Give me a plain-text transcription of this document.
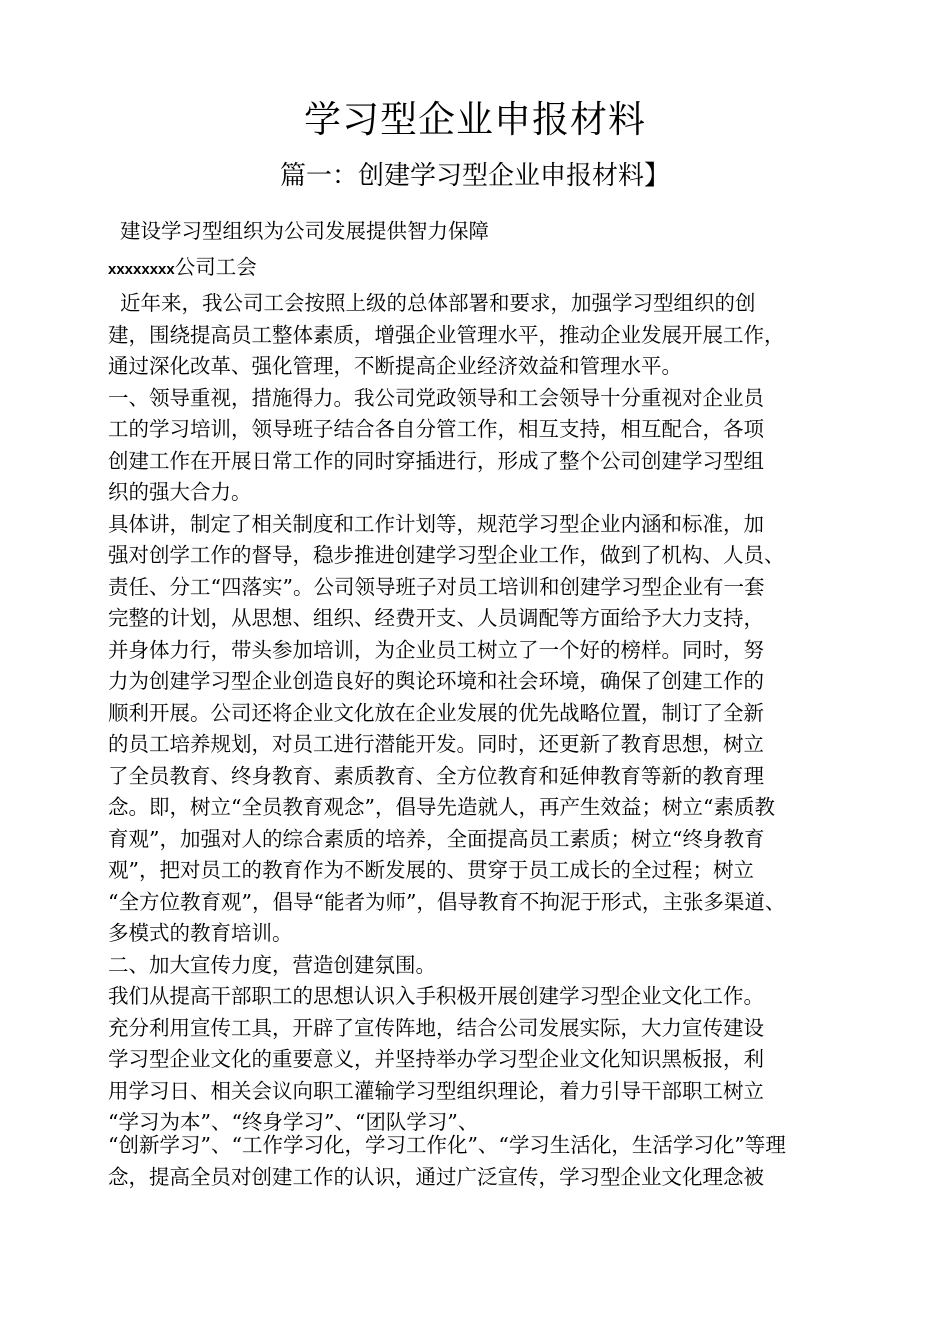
学习型企业申报材料
篇一：创建学习型企业申报材料】

建设学习型组织为公司发展提供智力保障

xxxxxxxx公司工会

近年来，我公司工会按照上级的总体部署和要求，加强学习型组织的创
建，围绕提高员工整体素质，增强企业管理水平，推动企业发展开展工作，
通过深化改革、强化管理，不断提高企业经济效益和管理水平。
一、领导重视，措施得力。我公司党政领导和工会领导十分重视对企业员
工的学习培训，领导班子结合各自分管工作，相互支持，相互配合，各项
创建工作在开展日常工作的同时穿插进行，形成了整个公司创建学习型组
织的强大合力。
具体讲，制定了相关制度和工作计划等，规范学习型企业内涵和标准，加
强对创学工作的督导，稳步推进创建学习型企业工作，做到了机构、人员、
责任、分工“四落实”。公司领导班子对员工培训和创建学习型企业有一套
完整的计划，从思想、组织、经费开支、人员调配等方面给予大力支持，
并身体力行，带头参加培训，为企业员工树立了一个好的榜样。同时，努
力为创建学习型企业创造良好的舆论环境和社会环境，确保了创建工作的
顺利开展。公司还将企业文化放在企业发展的优先战略位置，制订了全新
的员工培养规划，对员工进行潜能开发。同时，还更新了教育思想，树立
了全员教育、终身教育、素质教育、全方位教育和延伸教育等新的教育理
念。即，树立“全员教育观念”，倡导先造就人，再产生效益；树立“素质教
育观”，加强对人的综合素质的培养，全面提高员工素质；树立“终身教育
观”，把对员工的教育作为不断发展的、贯穿于员工成长的全过程；树立
“全方位教育观”，倡导“能者为师”，倡导教育不拘泥于形式，主张多渠道、
多模式的教育培训。
二、加大宣传力度，营造创建氛围。
我们从提高干部职工的思想认识入手积极开展创建学习型企业文化工作。
充分利用宣传工具，开辟了宣传阵地，结合公司发展实际，大力宣传建设
学习型企业文化的重要意义，并坚持举办学习型企业文化知识黑板报，利
用学习日、相关会议向职工灌输学习型组织理论，着力引导干部职工树立
“学习为本”、“终身学习”、“团队学习”、
“创新学习”、“工作学习化，学习工作化”、“学习生活化，生活学习化”等理
念，提高全员对创建工作的认识，通过广泛宣传，学习型企业文化理念被
